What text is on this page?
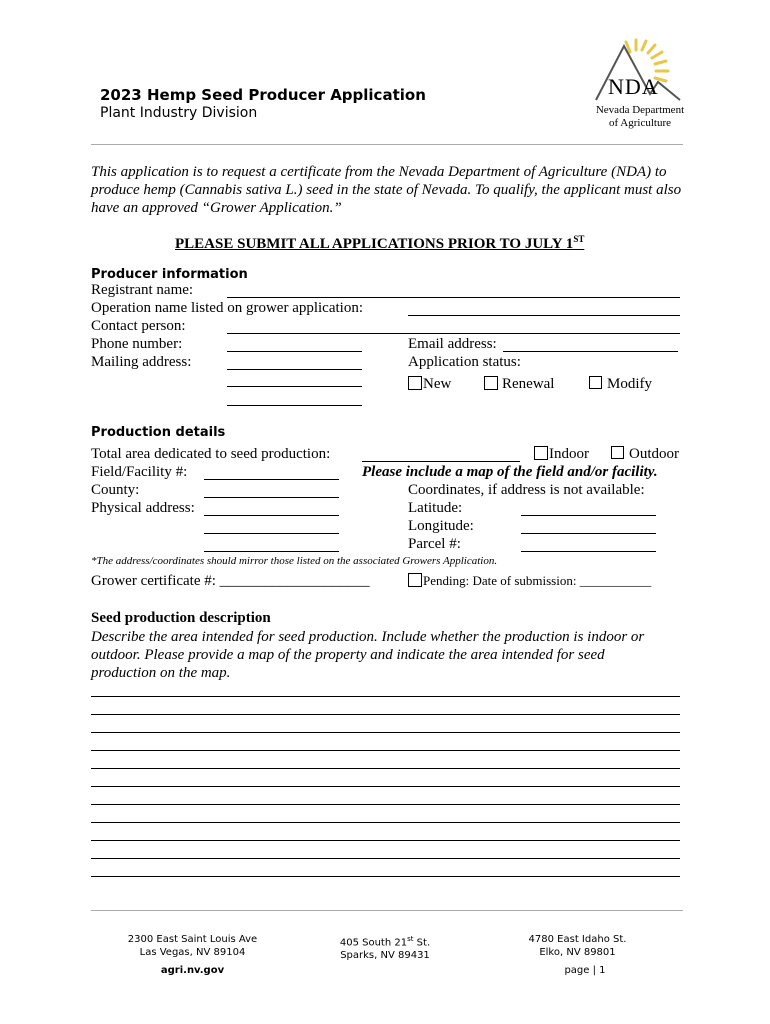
2023 Hemp Seed Producer Application
Plant Industry Division
NDA
Nevada Department
of Agriculture
This application is to request a certificate from the Nevada Department of Agriculture (NDA) to produce hemp (Cannabis sativa L.) seed in the state of Nevada. To qualify, the applicant must also have an approved “Grower Application.”
PLEASE SUBMIT ALL APPLICATIONS PRIOR TO JULY 1ST
Producer information
Registrant name:
Operation name listed on grower application:
Contact person:
Phone number:	Email address:
Mailing address:	Application status:
New	Renewal	Modify
Production details
Total area dedicated to seed production:	Indoor	Outdoor
Field/Facility #:	Please include a map of the field and/or facility.
County:	Coordinates, if address is not available:
Physical address:	Latitude:
Longitude:
Parcel #:
*The address/coordinates should mirror those listed on the associated Growers Application.
Grower certificate #: ____________________	Pending: Date of submission: ___________
Seed production description
Describe the area intended for seed production. Include whether the production is indoor or outdoor. Please provide a map of the property and indicate the area intended for seed production on the map.
2300 East Saint Louis Ave
Las Vegas, NV 89104
405 South 21st St.
Sparks, NV 89431
4780 East Idaho St.
Elko, NV 89801
agri.nv.gov	page | 1
